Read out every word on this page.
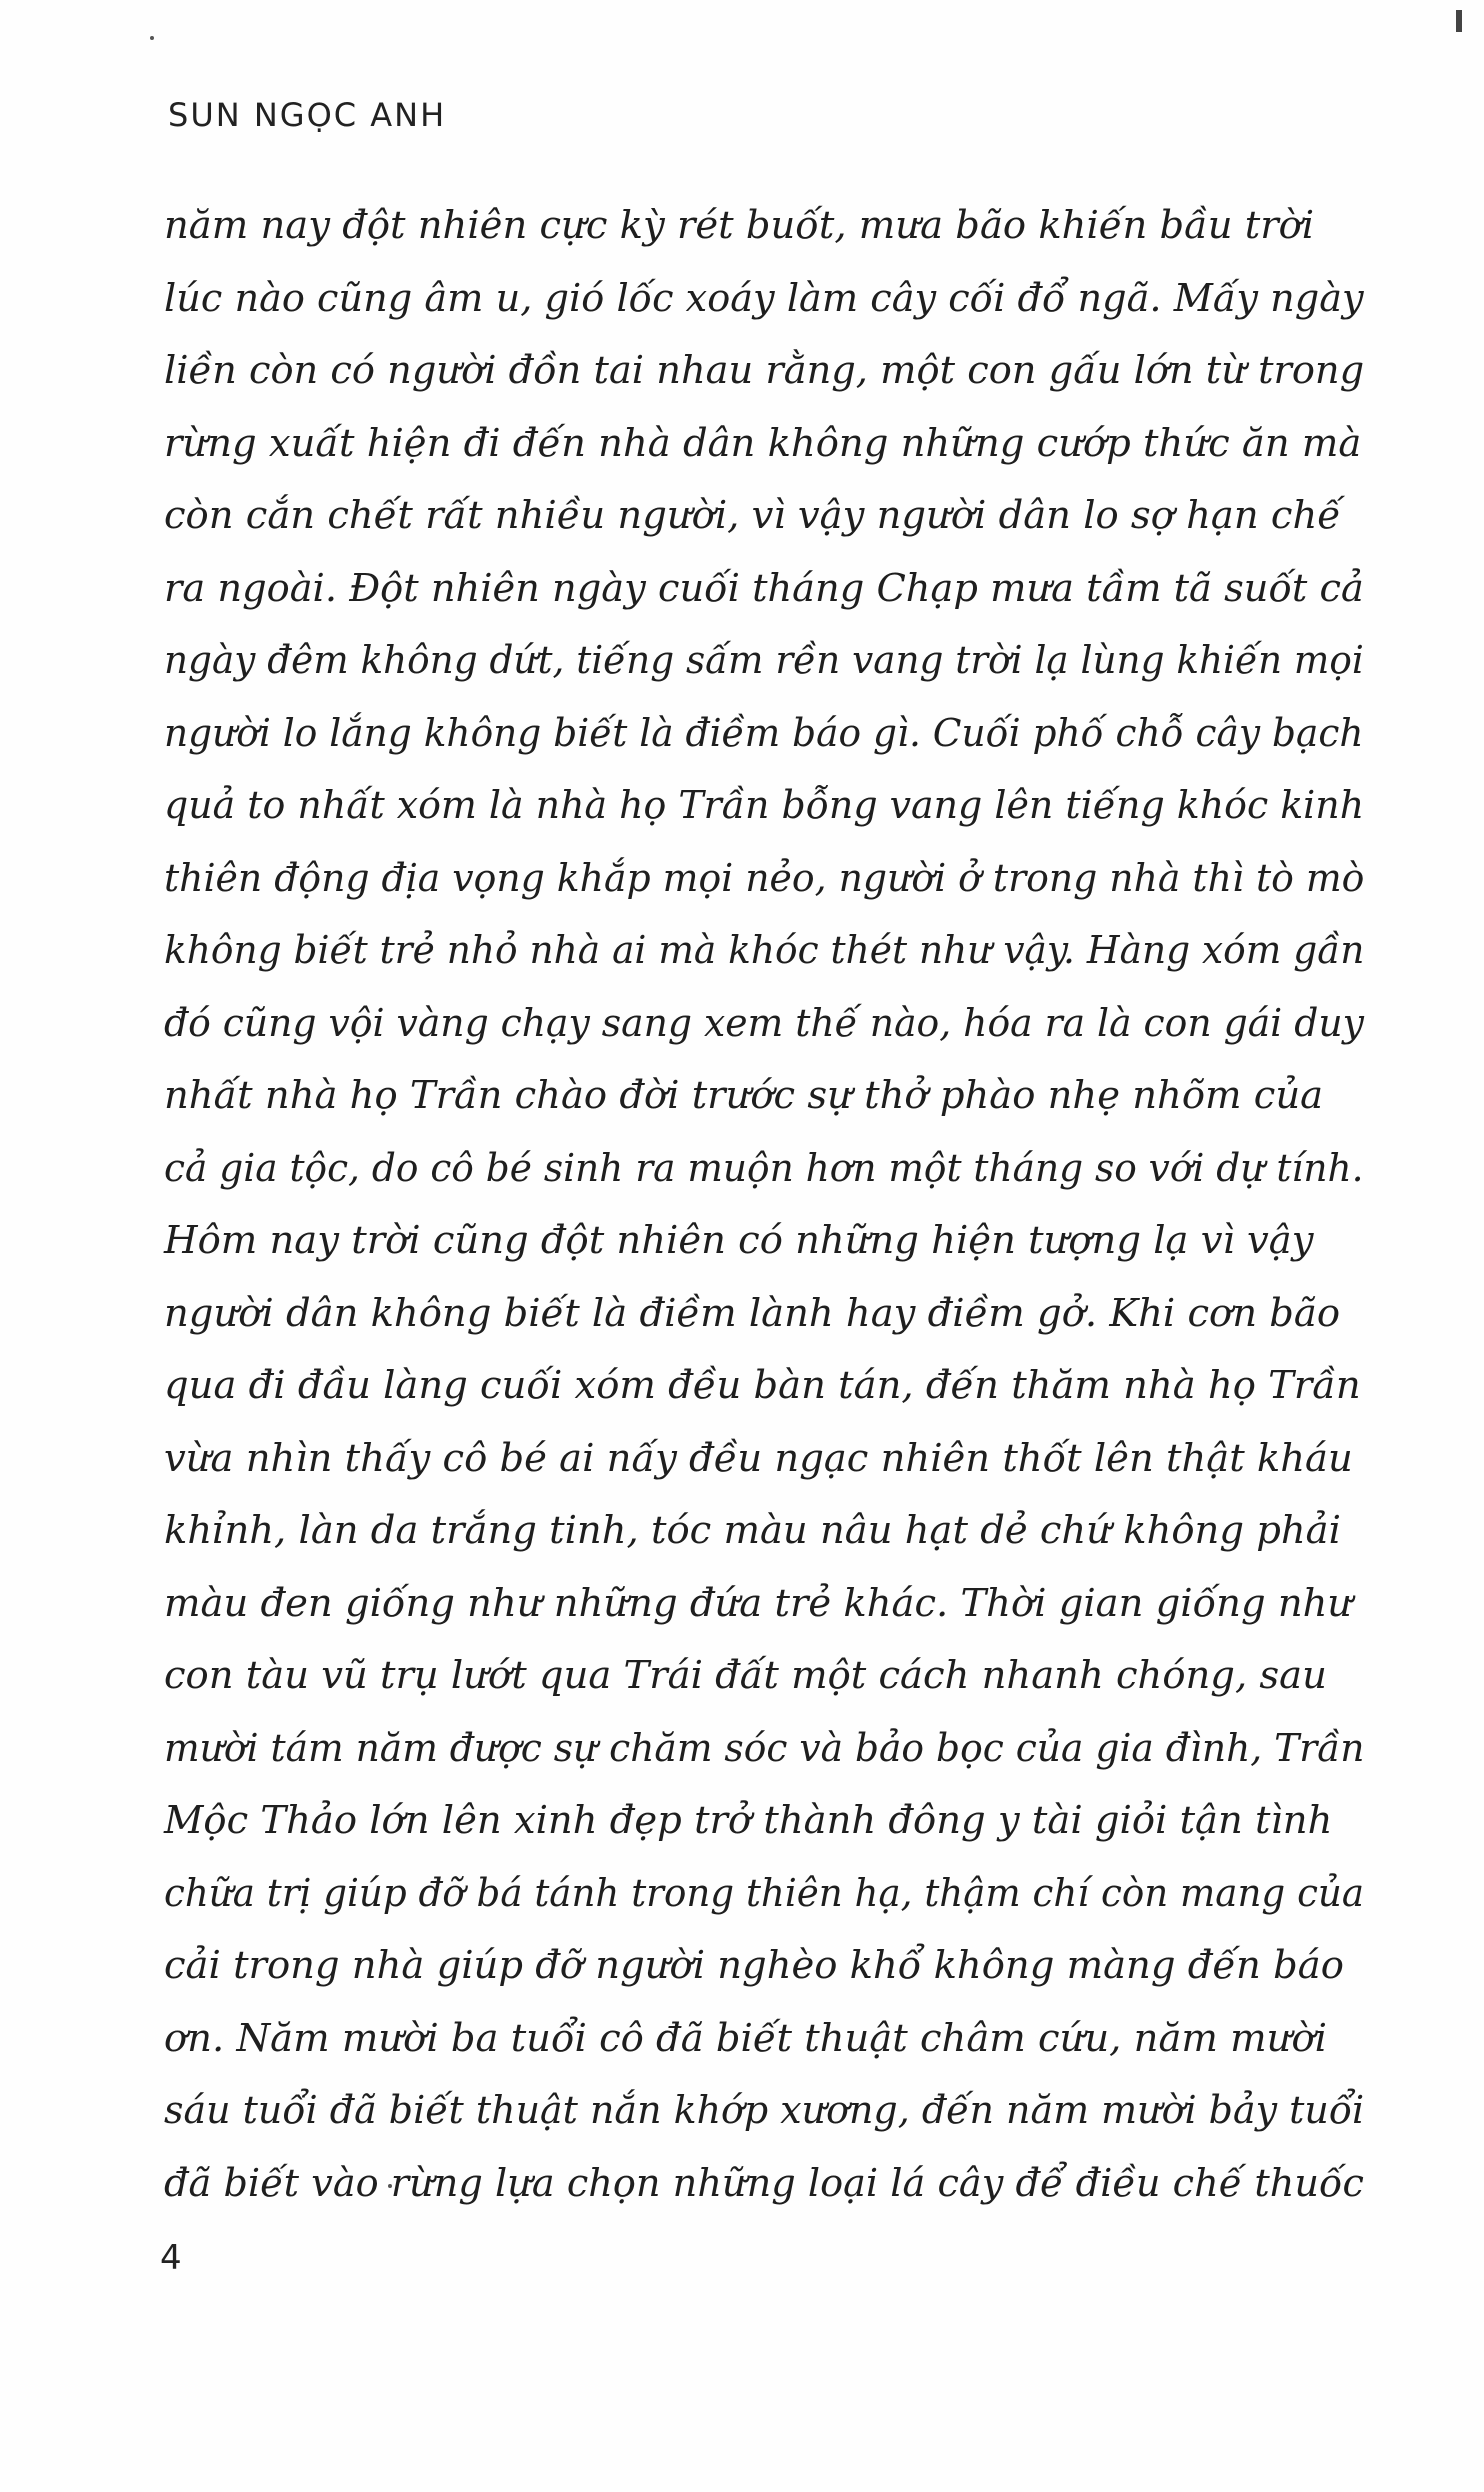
SUN NGỌC ANH
năm nay đột nhiên cực kỳ rét buốt, mưa bão khiến bầu trời
lúc nào cũng âm u, gió lốc xoáy làm cây cối đổ ngã. Mấy ngày
liền còn có người đồn tai nhau rằng, một con gấu lớn từ trong
rừng xuất hiện đi đến nhà dân không những cướp thức ăn mà
còn cắn chết rất nhiều người, vì vậy người dân lo sợ hạn chế
ra ngoài. Đột nhiên ngày cuối tháng Chạp mưa tầm tã suốt cả
ngày đêm không dứt, tiếng sấm rền vang trời lạ lùng khiến mọi
người lo lắng không biết là điềm báo gì. Cuối phố chỗ cây bạch
quả to nhất xóm là nhà họ Trần bỗng vang lên tiếng khóc kinh
thiên động địa vọng khắp mọi nẻo, người ở trong nhà thì tò mò
không biết trẻ nhỏ nhà ai mà khóc thét như vậy. Hàng xóm gần
đó cũng vội vàng chạy sang xem thế nào, hóa ra là con gái duy
nhất nhà họ Trần chào đời trước sự thở phào nhẹ nhõm của
cả gia tộc, do cô bé sinh ra muộn hơn một tháng so với dự tính.
Hôm nay trời cũng đột nhiên có những hiện tượng lạ vì vậy
người dân không biết là điềm lành hay điềm gở. Khi cơn bão
qua đi đầu làng cuối xóm đều bàn tán, đến thăm nhà họ Trần
vừa nhìn thấy cô bé ai nấy đều ngạc nhiên thốt lên thật kháu
khỉnh, làn da trắng tinh, tóc màu nâu hạt dẻ chứ không phải
màu đen giống như những đứa trẻ khác. Thời gian giống như
con tàu vũ trụ lướt qua Trái đất một cách nhanh chóng, sau
mười tám năm được sự chăm sóc và bảo bọc của gia đình, Trần
Mộc Thảo lớn lên xinh đẹp trở thành đông y tài giỏi tận tình
chữa trị giúp đỡ bá tánh trong thiên hạ, thậm chí còn mang của
cải trong nhà giúp đỡ người nghèo khổ không màng đến báo
ơn. Năm mười ba tuổi cô đã biết thuật châm cứu, năm mười
sáu tuổi đã biết thuật nắn khớp xương, đến năm mười bảy tuổi
đã biết vào rừng lựa chọn những loại lá cây để điều chế thuốc
4
